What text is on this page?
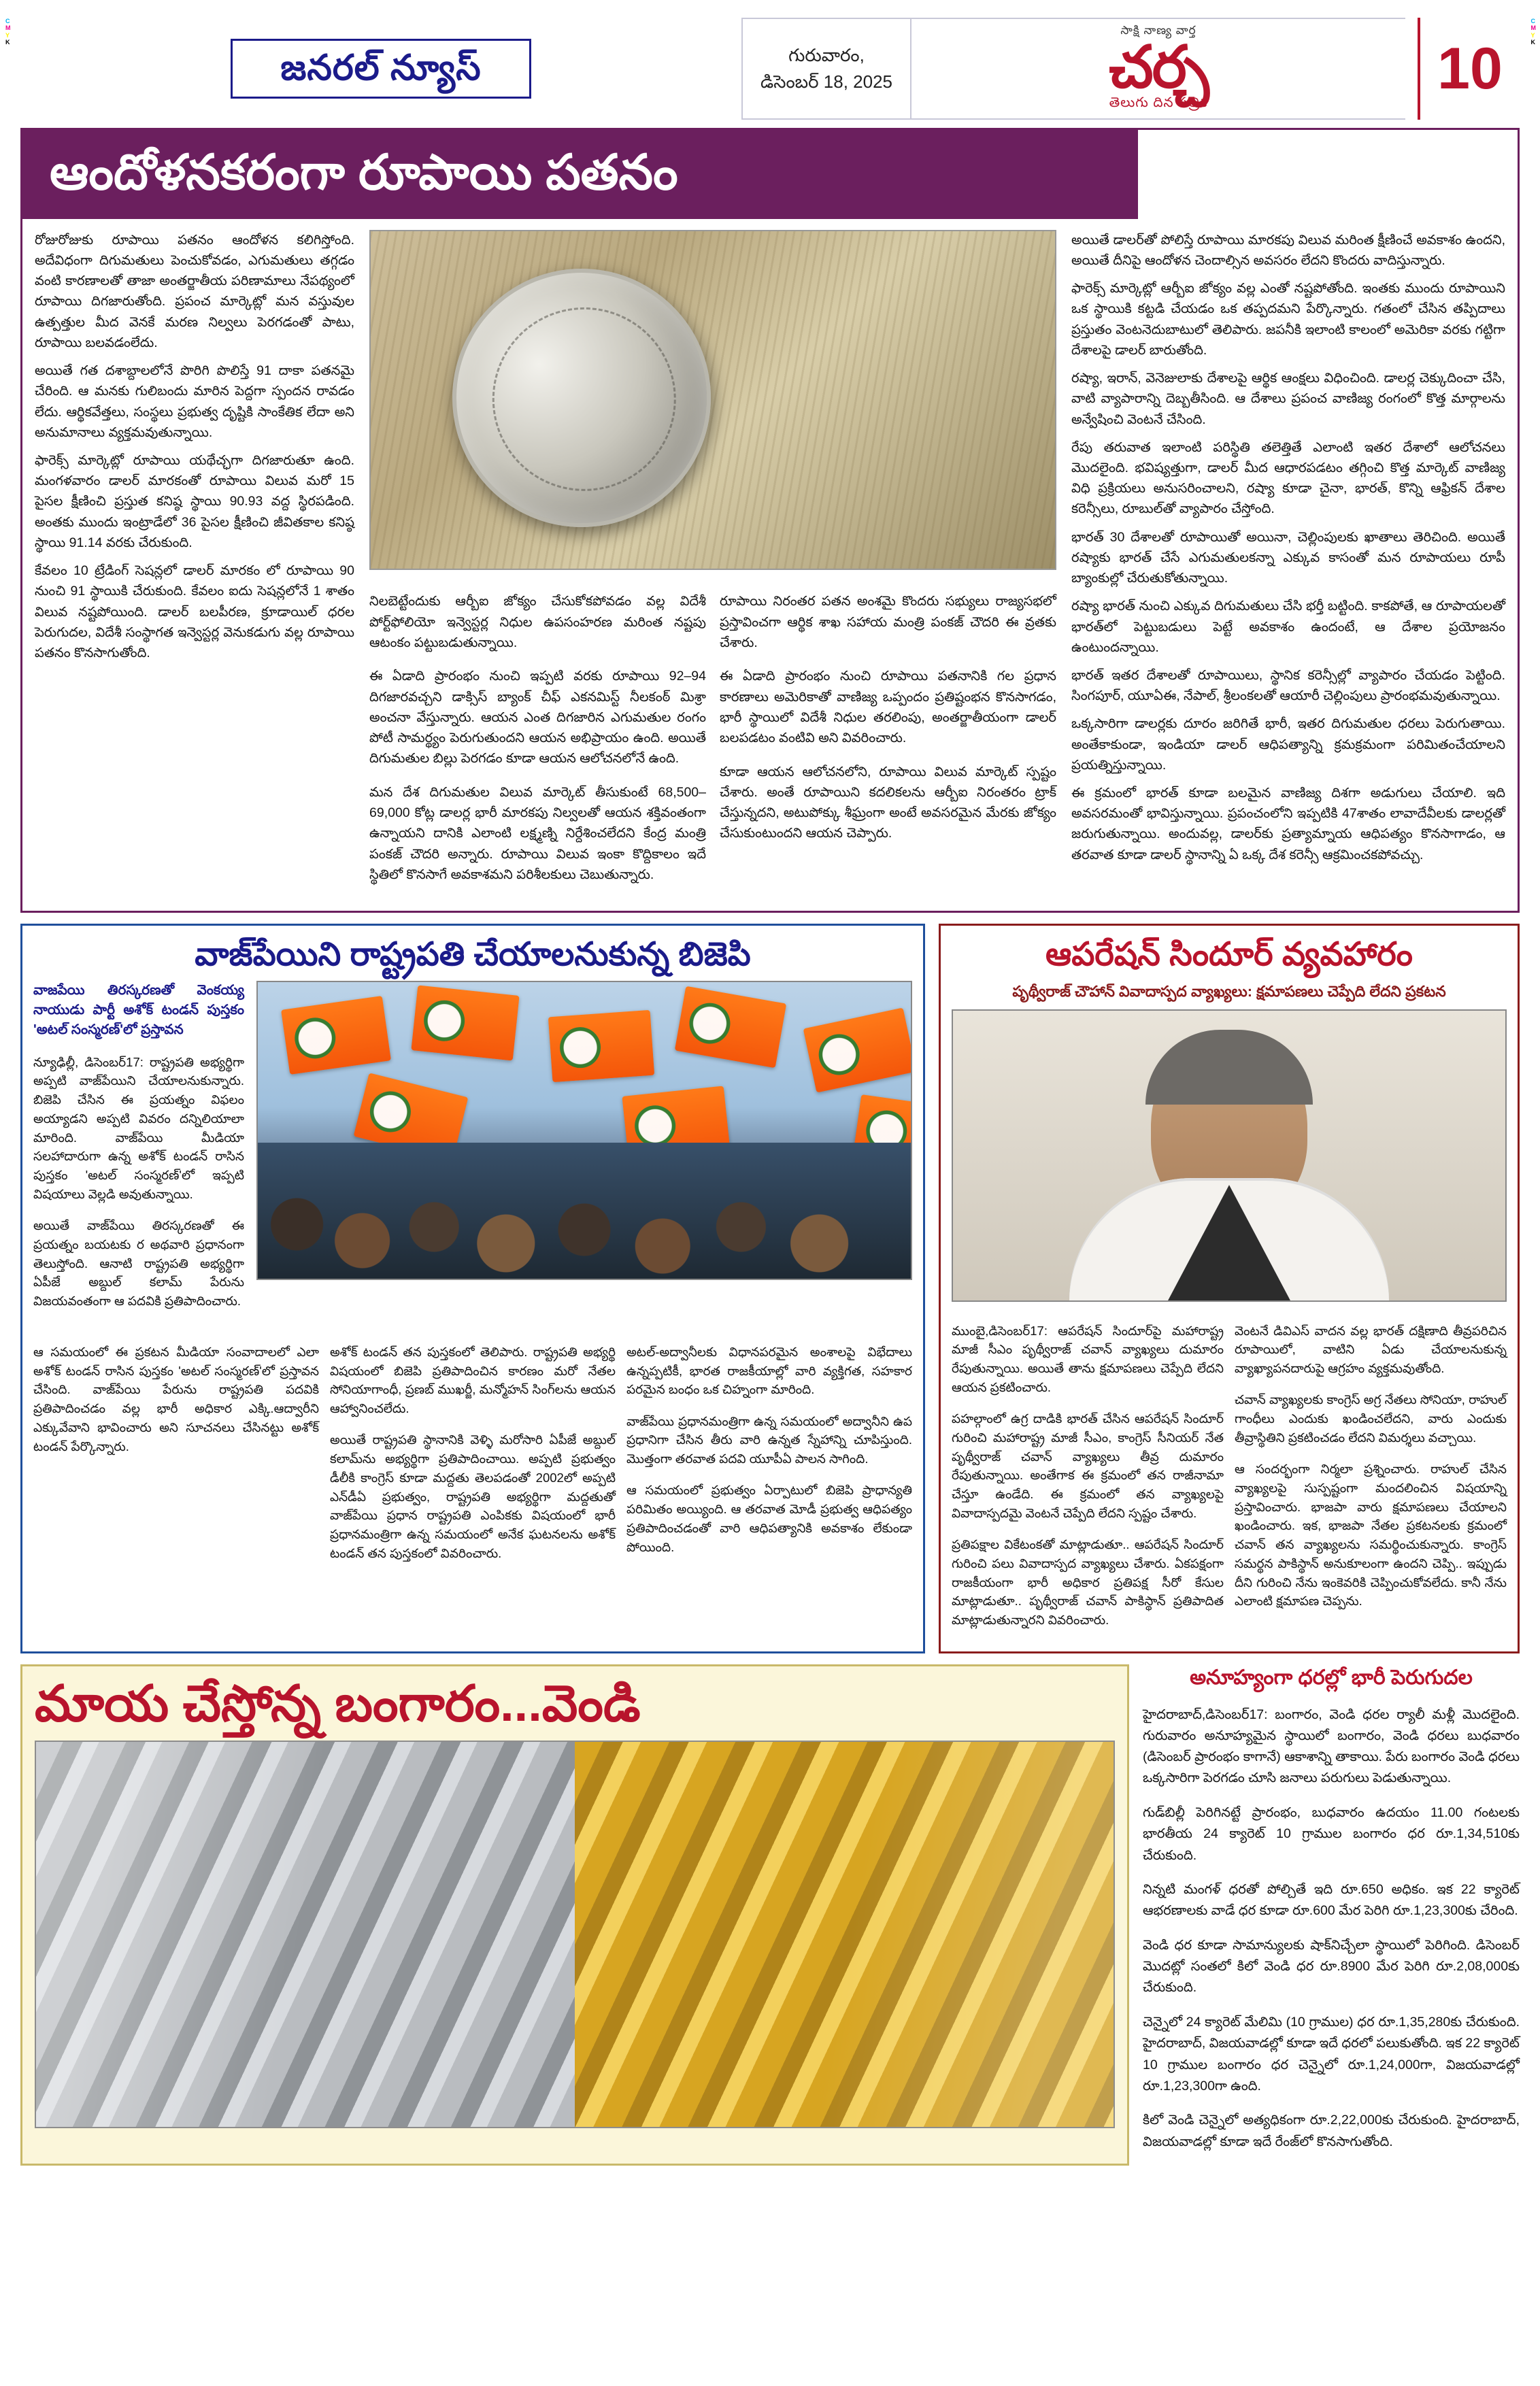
C
M
Y
K
C
M
Y
K
జనరల్ న్యూస్	గురువారం,
డిసెంబర్ 18, 2025
సాక్షి నాణ్య వార్త
చర్చ
తెలుగు దిన పత్రిక
10
ఆందోళనకరంగా రూపాయి పతనం

రోజురోజుకు రూపాయి పతనం ఆందోళన కలిగిస్తోంది. అదేవిధంగా దిగుమతులు పెంచుకోవడం, ఎగుమతులు తగ్గడం వంటి కారణాలతో తాజా అంతర్జాతీయ పరిణామాలు నేపథ్యంలో రూపాయి దిగజారుతోంది. ప్రపంచ మార్కెట్లో మన వస్తువుల ఉత్పత్తుల మీద వెనకే మరణ నిల్వలు పెరగడంతో పాటు, రూపాయి బలవడంలేదు.

అయితే గత దశాబ్దాలలోనే పొరిగి పొలిస్తే 91 దాకా పతనమై చేరింది. ఆ మనకు గులిబందు మారిన పెద్దగా స్పందన రావడం లేదు. ఆర్థికవేత్తలు, సంస్థలు ప్రభుత్వ దృష్టికి సాంకేతిక లేదా అని అనుమానాలు వ్యక్తమవుతున్నాయి.

ఫారెక్స్ మార్కెట్లో రూపాయి యథేచ్ఛగా దిగజారుతూ ఉంది. మంగళవారం డాలర్ మారకంతో రూపాయి విలువ మరో 15 పైసల క్షీణించి ప్రస్తుత కనిష్ఠ స్థాయి 90.93 వద్ద స్థిరపడింది. అంతకు ముందు ఇంట్రాడేలో 36 పైసల క్షీణించి జీవితకాల కనిష్ఠ స్థాయి 91.14 వరకు చేరుకుంది.

కేవలం 10 ట్రేడింగ్ సెషన్లలో డాలర్ మారకం లో రూపాయి 90 నుంచి 91 స్థాయికి చేరుకుంది. కేవలం ఐదు సెషన్లలోనే 1 శాతం విలువ నష్టపోయింది. డాలర్ బలపీరణ, క్రూడాయిల్ ధరల పెరుగుదల, విదేశీ సంస్థాగత ఇన్వెస్టర్ల వెనుకడుగు వల్ల రూపాయి పతనం కొనసాగుతోంది.

నిలబెట్టేందుకు ఆర్బీఐ జోక్యం చేసుకోకపోవడం వల్ల విదేశీ పోర్ట్‌ఫోలియో ఇన్వెస్టర్ల నిధుల ఉపసంహరణ మరింత నష్టపు ఆటంకం పట్టుబడుతున్నాయి.

ఈ ఏడాది ప్రారంభం నుంచి ఇప్పటి వరకు రూపాయి 92–94 దిగజారవచ్చని డాక్సిస్ బ్యాంక్ చీఫ్ ఎకనమిస్ట్ నీలకంఠ్ మిశ్రా అంచనా వేస్తున్నారు. ఆయన ఎంత దిగజారిన ఎగుమతుల రంగం పోటీ సామర్థ్యం పెరుగుతుందని ఆయన అభిప్రాయం ఉంది. అయితే దిగుమతుల బిల్లు పెరగడం కూడా ఆయన ఆలోచనలోనే ఉంది.

మన దేశ దిగుమతుల విలువ మార్కెట్ తీసుకుంటే 68,500–69,000 కోట్ల డాలర్ల భారీ మారకపు నిల్వలతో ఆయన శక్తివంతంగా ఉన్నాయని దానికి ఎలాంటి లక్ష్మణ్ని నిర్దేశించలేదని కేంద్ర మంత్రి పంకజ్ చౌదరి అన్నారు. రూపాయి విలువ ఇంకా కొద్దికాలం ఇదే స్థితిలో కొనసాగే అవకాశమని పరిశీలకులు చెబుతున్నారు.

రూపాయి నిరంతర పతన అంశమై కొందరు సభ్యులు రాజ్యసభలో ప్రస్తావించగా ఆర్థిక శాఖ సహాయ మంత్రి పంకజ్ చౌదరి ఈ వ్రతకు చేశారు.

ఈ ఏడాది ప్రారంభం నుంచి రూపాయి పతనానికి గల ప్రధాన కారణాలు అమెరికాతో వాణిజ్య ఒప్పందం ప్రతిష్టంభన కొనసాగడం, భారీ స్థాయిలో విదేశీ నిధుల తరలింపు, అంతర్జాతీయంగా డాలర్ బలపడటం వంటివి అని వివరించారు.

కూడా ఆయన ఆలోచనలోని, రూపాయి విలువ మార్కెట్ స్పష్టం చేశారు. అంతే రూపాయిని కదలికలను ఆర్బీఐ నిరంతరం ట్రాక్ చేస్తున్నదని, అటుపోక్కు శీఘ్రంగా అంటే అవసరమైన మేరకు జోక్యం చేసుకుంటుందని ఆయన చెప్పారు.

అయితే డాలర్‌తో పోలిస్తే రూపాయి మారకపు విలువ మరింత క్షీణించే అవకాశం ఉందని, అయితే దీనిపై ఆందోళన చెందాల్సిన అవసరం లేదని కొందరు వాదిస్తున్నారు.

ఫారెక్స్ మార్కెట్లో ఆర్బీఐ జోక్యం వల్ల ఎంతో నష్టపోతోంది. ఇంతకు ముందు రూపాయిని ఒక స్థాయికి కట్టడి చేయడం ఒక తప్పదమని పేర్కొన్నారు. గతంలో చేసిన తప్పిదాలు ప్రస్తుతం వెంటనెదుబాటులో తెలిపారు. జపనీకి ఇలాంటి కాలంలో అమెరికా వరకు గట్టిగా దేశాలపై డాలర్ బారుతోంది.

రష్యా, ఇరాన్, వెనెజులాకు దేశాలపై ఆర్థిక ఆంక్షలు విధించింది. డాలర్ల చెక్కుదించా చేసి, వాటి వ్యాపారాన్ని దెబ్బతీసింది. ఆ దేశాలు ప్రపంచ వాణిజ్య రంగంలో కొత్త మార్గాలను అన్వేషించి వెంటనే చేసింది.

రేపు తరువాత ఇలాంటి పరిస్థితి తలెత్తితే ఎలాంటి ఇతర దేశాలో ఆలోచనలు మొదలైంది. భవిష్యత్తుగా, డాలర్ మీద ఆధారపడటం తగ్గించి కొత్త మార్కెట్ వాణిజ్య విధి ప్రక్రియలు అనుసరించాలని, రష్యా కూడా చైనా, భారత్, కొన్ని ఆఫ్రికన్ దేశాల కరెన్సీలు, రూబుల్‌తో వ్యాపారం చేస్తోంది.

భారత్ 30 దేశాలతో రూపాయితో అయినా, చెల్లింపులకు ఖాతాలు తెరిచింది. అయితే రష్యాకు భారత్ చేసే ఎగుమతులకన్నా ఎక్కువ కాసంతో మన రూపాయలు రూపీ బ్యాంకుల్లో చేరుతుకోతున్నాయి.

రష్యా భారత్ నుంచి ఎక్కువ దిగుమతులు చేసి భర్తీ బట్టింది. కాకపోతే, ఆ రూపాయలతో భారత్‌లో పెట్టుబడులు పెట్టే అవకాశం ఉందంటే, ఆ దేశాల ప్రయోజనం ఉంటుందన్నాయి.

భారత్ ఇతర దేశాలతో రూపాయిలు, స్థానిక కరెన్సీల్లో వ్యాపారం చేయడం పెట్టింది. సింగపూర్, యూఏఈ, నేపాల్, శ్రీలంకలతో ఆయారీ చెల్లింపులు ప్రారంభమవుతున్నాయి.

ఒక్కసారిగా డాలర్లకు దూరం జరిగితే భారీ, ఇతర దిగుమతుల ధరలు పెరుగుతాయి. అంతేకాకుండా, ఇండియా డాలర్ ఆధిపత్యాన్ని క్రమక్రమంగా పరిమితంచేయాలని ప్రయత్నిస్తున్నాయి.

ఈ క్రమంలో భారత్ కూడా బలమైన వాణిజ్య దిశగా అడుగులు చేయాలి. ఇది అవసరమంతో భావిస్తున్నాయి. ప్రపంచంలోని ఇప్పటికి 47శాతం లావాదేవీలకు డాలర్లతో జరుగుతున్నాయి. అందువల్ల, డాలర్‌కు ప్రత్యామ్నాయ ఆధిపత్యం కొనసాగాడం, ఆ తరవాత కూడా డాలర్ స్థానాన్ని ఏ ఒక్క దేశ కరెన్సీ ఆక్రమించకపోవచ్చు.

వాజ్‌పేయిని రాష్ట్రపతి చేయాలనుకున్న బిజెపి
వాజపేయి తిరస్కరణతో వెంకయ్య నాయుడు పార్టీ అశోక్ టండన్ పుస్తకం 'అటల్ సంస్మరణ్'లో ప్రస్తావన

న్యూఢిల్లీ, డిసెంబర్17: రాష్ట్రపతి అభ్యర్థిగా అప్పటి వాజ్‌పేయిని చేయాలనుకున్నారు. బిజెపి చేసిన ఈ ప్రయత్నం విఫలం అయ్యాడని అప్పటి వివరం దన్నిలియాలా మారింది. వాజ్‌పేయి మీడియా సలహాదారుగా ఉన్న అశోక్ టండన్ రాసిన పుస్తకం 'అటల్ సంస్మరణ్'లో ఇప్పటి విషయాలు వెల్లడి అవుతున్నాయి.

అయితే వాజ్‌పేయి తిరస్కరణతో ఈ ప్రయత్నం బయటకు ర అథవారి ప్రధానంగా తెలుస్తోంది. ఆనాటి రాష్ట్రపతి అభ్యర్థిగా ఏపీజే అబ్దుల్ కలామ్ పేరును విజయవంతంగా ఆ పదవికి ప్రతిపాదించారు.

ఆ సమయంలో ఈ ప్రకటన మీడియా సంవాదాలలో ఎలా అశోక్ టండన్ రాసిన పుస్తకం 'అటల్ సంస్మరణ్'లో ప్రస్తావన చేసింది. వాజ్‌పేయి పేరును రాష్ట్రపతి పదవికి ప్రతిపాదించడం వల్ల భారీ అధికార ఎక్కి.ఆద్వారీని ఎక్కువేవాని భావించారు అని సూచనలు చేసినట్టు అశోక్ టండన్ పేర్కొన్నారు.

అశోక్ టండన్ తన పుస్తకంలో తెలిపారు. రాష్ట్రపతి అభ్యర్థి విషయంలో బిజెపి ప్రతిపాదించిన కారణం మరో నేతల సోనియాగాంధీ, ప్రణబ్ ముఖర్జీ, మన్మోహన్ సింగ్‌లను ఆయన ఆహ్వానించలేదు.

అయితే రాష్ట్రపతి స్థానానికి వెళ్ళి మరోసారి ఏపీజే అబ్దుల్ కలామ్‌ను అభ్యర్థిగా ప్రతిపాదించాయి. అప్పటి ప్రభుత్వం డీలీకి కాంగ్రెస్ కూడా మద్దతు తెలపడంతో 2002లో అప్పటి ఎన్‌డీఏ ప్రభుత్వం, రాష్ట్రపతి అభ్యర్థిగా మద్దతుతో వాజ్‌పేయి ప్రధాన రాష్ట్రపతి ఎంపికకు విషయంలో భారీ ప్రధానమంత్రిగా ఉన్న సమయంలో అనేక ఘటనలను అశోక్ టండన్ తన పుస్తకంలో వివరించారు.

అటల్-అద్వానీలకు విధానపరమైన అంశాలపై విభేదాలు ఉన్నప్పటికీ, భారత రాజకీయాల్లో వారి వ్యక్తిగత, సహకార పరమైన బంధం ఒక చిహ్నంగా మారింది.

వాజ్‌పేయి ప్రధానమంత్రిగా ఉన్న సమయంలో అద్వానీని ఉప ప్రధానిగా చేసిన తీరు వారి ఉన్నత స్నేహాన్ని చూపిస్తుంది. మొత్తంగా తరవాత పదవి యూపీఏ పాలన సాగింది.

ఆ సమయంలో ప్రభుత్వం ఏర్పాటులో బిజెపి ప్రాధాన్యతి పరిమితం అయ్యింది. ఆ తరవాత మోడీ ప్రభుత్వ ఆధిపత్యం ప్రతిపాదించడంతో వారి ఆధిపత్యానికి అవకాశం లేకుండా పోయింది.

ఆపరేషన్ సిందూర్ వ్యవహారం
పృథ్వీరాజ్ చౌహాన్ వివాదాస్పద వ్యాఖ్యలు: క్షమాపణలు చెప్పేది లేదని ప్రకటన

ముంబై,డిసెంబర్17: ఆపరేషన్ సిందూర్‌పై మహారాష్ట్ర మాజీ సీఎం పృథ్వీరాజ్ చవాన్ వ్యాఖ్యలు దుమారం రేపుతున్నాయి. అయితే తాను క్షమాపణలు చెప్పేది లేదని ఆయన ప్రకటించారు.

పహల్గాంలో ఉగ్ర దాడికి భారత్ చేసిన ఆపరేషన్ సిందూర్ గురించి మహారాష్ట్ర మాజీ సీఎం, కాంగ్రెస్ సీనియర్ నేత పృథ్వీరాజ్ చవాన్ వ్యాఖ్యలు తీవ్ర దుమారం రేపుతున్నాయి. అంతేగాక ఈ క్రమంలో తన రాజీనామా చేస్తూ ఉండేది. ఈ క్రమంలో తన వ్యాఖ్యలపై వివాదాస్పదమై వెంటనే చెప్పేది లేదని స్పష్టం చేశారు.

ప్రతిపక్షాల వికేటంకతో మాట్లాడుతూ.. ఆపరేషన్ సిందూర్ గురించి పలు వివాదాస్పద వ్యాఖ్యలు చేశారు. ఏకపక్షంగా రాజకీయంగా భారీ అధికార ప్రతిపక్ష సీరో కేసుల మాట్లాడుతూ.. పృథ్వీరాజ్ చవాన్ పాకిస్థాన్ ప్రతిపాదిత మాట్లాడుతున్నారని వివరించారు.

వెంటనే డివిఎస్ వాదన వల్ల భారత్ దక్షిణాది తీవ్రపరిచిన రూపాయిలో, వాటిని ఏడు చేయాలనుకున్న వ్యాఖ్యాపనదారుపై ఆగ్రహం వ్యక్తమవుతోంది.

చవాన్ వ్యాఖ్యలకు కాంగ్రెస్ అగ్ర నేతలు సోనియా, రాహుల్ గాంధీలు ఎందుకు ఖండించలేదని, వారు ఎందుకు తీవ్రాస్థితిని ప్రకటించడం లేదని విమర్శలు వచ్చాయి.

ఆ సందర్భంగా నిర్మలా ప్రశ్నించారు. రాహుల్ చేసిన వ్యాఖ్యలపై సుస్పష్టంగా మందలించిన విషయాన్ని ప్రస్తావించారు. భాజపా వారు క్షమాపణలు చేయాలని ఖండించారు. ఇక, భాజపా నేతల ప్రకటనలకు క్రమంలో చవాన్ తన వ్యాఖ్యలను సమర్థించుకున్నారు. కాంగ్రెస్ సమర్థన పాకిస్థాన్ అనుకూలంగా ఉందని చెప్పి.. ఇప్పుడు దీని గురించి నేను ఇంకెవరికి చెప్పించుకోవలేదు. కానీ నేను ఎలాంటి క్షమాపణ చెప్పను.

మాయ చేస్తోన్న బంగారం...వెండి	అనూహ్యంగా ధరల్లో భారీ పెరుగుదల

హైదరాబాద్,డిసెంబర్17: బంగారం, వెండి ధరల ర్యాలీ మళ్లీ మొదలైంది. గురువారం అనూహ్యమైన స్థాయిలో బంగారం, వెండి ధరలు బుధవారం (డిసెంబర్ ప్రారంభం కాగానే) ఆకాశాన్ని తాకాయి. పేరు బంగారం వెండి ధరలు ఒక్కసారిగా పెరగడం చూసి జనాలు పరుగులు పెడుతున్నాయి.

గుడ్‌బిల్లీ పెరిగినట్టే ప్రారంభం, బుధవారం ఉదయం 11.00 గంటలకు భారతీయ 24 క్యారెట్ 10 గ్రాముల బంగారం ధర రూ.1,34,510కు చేరుకుంది.

నిన్నటి మంగళ్ ధరతో పోల్చితే ఇది రూ.650 అధికం. ఇక 22 క్యారెట్ ఆభరణాలకు వాడే ధర కూడా రూ.600 మేర పెరిగి రూ.1,23,300కు చేరింది.

వెండి ధర కూడా సామాన్యులకు షాక్‌నిచ్చేలా స్థాయిలో పెరిగింది. డిసెంబర్ మొదట్లో సంతలో కిలో వెండి ధర రూ.8900 మేర పెరిగి రూ.2,08,000కు చేరుకుంది.

చెన్నైలో 24 క్యారెట్ మేలిమి (10 గ్రాముల) ధర రూ.1,35,280కు చేరుకుంది. హైదరాబాద్, విజయవాడల్లో కూడా ఇదే ధరలో పలుకుతోంది. ఇక 22 క్యారెట్ 10 గ్రాముల బంగారం ధర చెన్నైలో రూ.1,24,000గా, విజయవాడల్లో రూ.1,23,300గా ఉంది.

కిలో వెండి చెన్నైలో అత్యధికంగా రూ.2,22,000కు చేరుకుంది. హైదరాబాద్, విజయవాడల్లో కూడా ఇదే రేంజ్‌లో కొనసాగుతోంది.
